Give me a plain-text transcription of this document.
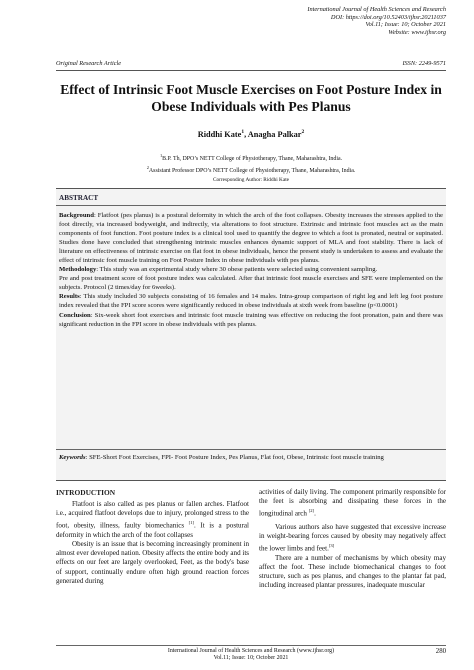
International Journal of Health Sciences and Research
DOI: https://doi.org/10.52403/ijhsr.20211037
Vol.11; Issue: 10; October 2021
Website: www.ijhsr.org
Original Research Article	ISSN: 2249-9571
Effect of Intrinsic Foot Muscle Exercises on Foot Posture Index in Obese Individuals with Pes Planus
Riddhi Kate$^1$, Anagha Palkar$^2$
$^1$B.P. Th, DPO’s NETT College of Physiotherapy, Thane, Maharashtra, India.
$^2$Assistant Professor DPO’s NETT College of Physiotherapy, Thane, Maharashtra, India.
Corresponding Author: Riddhi Kate
ABSTRACT

Background: Flatfoot (pes planus) is a postural deformity in which the arch of the foot collapses. Obesity increases the stresses applied to the foot directly, via increased bodyweight, and indirectly, via alterations to foot structure. Extrinsic and intrinsic foot muscles act as the main components of foot function. Foot posture index is a clinical tool used to quantify the degree to which a foot is pronated, neutral or supinated. Studies done have concluded that strengthening intrinsic muscles enhances dynamic support of MLA and foot stability. There is lack of literature on effectiveness of intrinsic exercise on flat foot in obese individuals, hence the present study is undertaken to assess and evaluate the effect of intrinsic foot muscle training on Foot Posture Index in obese individuals with pes planus.

Methodology: This study was an experimental study where 30 obese patients were selected using convenient sampling.

Pre and post treatment score of foot posture index was calculated. After that intrinsic foot muscle exercises and SFE were implemented on the subjects. Protocol (2 times/day for 6weeks).

Results: This study included 30 subjects consisting of 16 females and 14 males. Intra-group comparison of right leg and left leg foot posture index revealed that the FPI score scores were significantly reduced in obese individuals at sixth week from baseline (p<0.0001)

Conclusion: Six-week short foot exercises and intrinsic foot muscle training was effective on reducing the foot pronation, pain and there was significant reduction in the FPI score in obese individuals with pes planus.

Keywords: SFE-Short Foot Exercises, FPI- Foot Posture Index, Pes Planus, Flat foot, Obese, Intrinsic foot muscle training
INTRODUCTION

Flatfoot is also called as pes planus or fallen arches. Flatfoot i.e., acquired flatfoot develops due to injury, prolonged stress to the foot, obesity, illness, faulty biomechanics [1]. It is a postural deformity in which the arch of the foot collapses

Obesity is an issue that is becoming increasingly prominent in almost ever developed nation. Obesity affects the entire body and its effects on our feet are largely overlooked, Feet, as the body's base of support, continually endure often high ground reaction forces generated during

activities of daily living. The component primarily responsible for the feet is absorbing and dissipating these forces in the longitudinal arch [2].

Various authors also have suggested that excessive increase in weight-bearing forces caused by obesity may negatively affect the lower limbs and feet.[3]

There are a number of mechanisms by which obesity may affect the foot. These include biomechanical changes to foot structure, such as pes planus, and changes to the plantar fat pad, including increased plantar pressures, inadequate muscular

International Journal of Health Sciences and Research (www.ijhsr.org)
Vol.11; Issue: 10; October 2021
280
